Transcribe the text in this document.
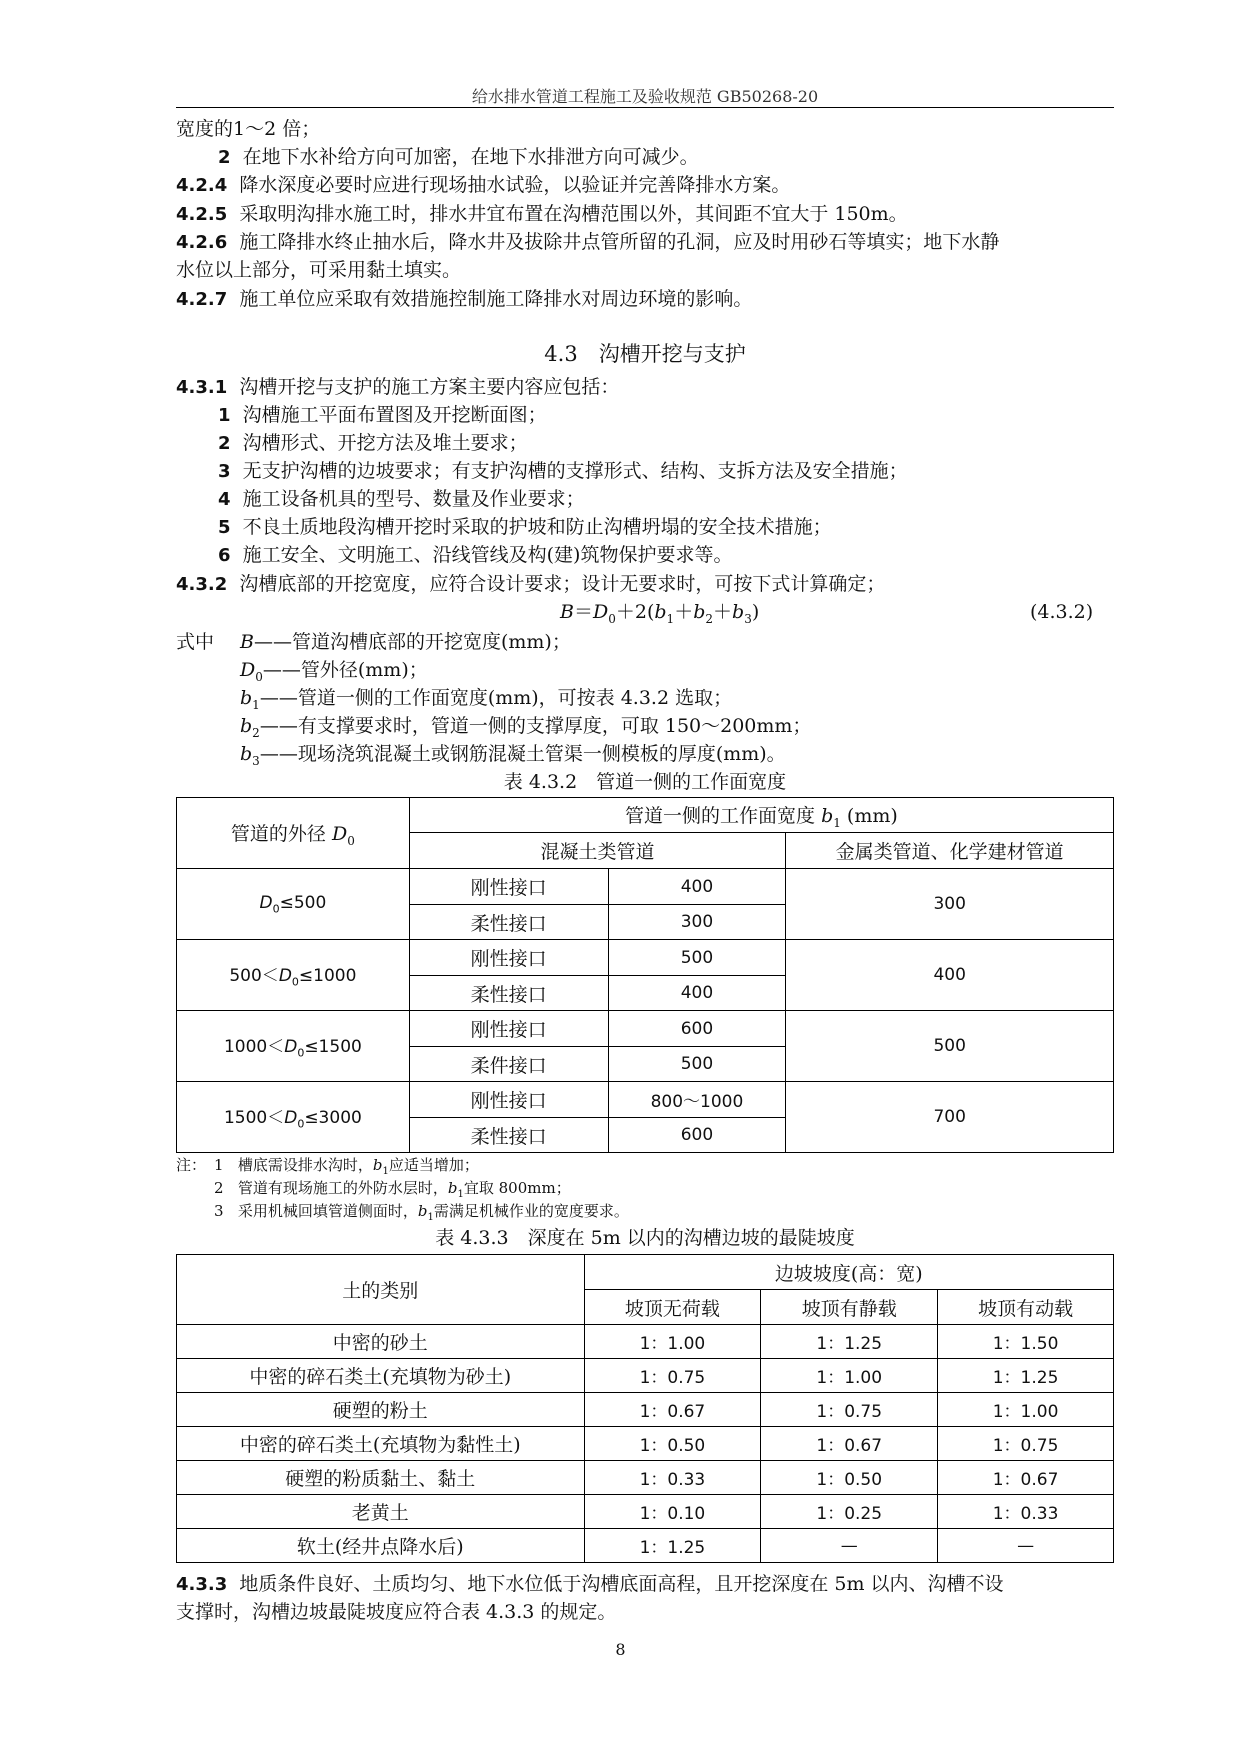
给水排水管道工程施工及验收规范 GB50268-20
宽度的1～2 倍；
2 在地下水补给方向可加密，在地下水排泄方向可减少。
4.2.4 降水深度必要时应进行现场抽水试验，以验证并完善降排水方案。
4.2.5 采取明沟排水施工时，排水井宜布置在沟槽范围以外，其间距不宜大于 150m。
4.2.6 施工降排水终止抽水后，降水井及拔除井点管所留的孔洞，应及时用砂石等填实；地下水静
水位以上部分，可采用黏土填实。
4.2.7 施工单位应采取有效措施控制施工降排水对周边环境的影响。
4.3　沟槽开挖与支护
4.3.1 沟槽开挖与支护的施工方案主要内容应包括：
1 沟槽施工平面布置图及开挖断面图；
2 沟槽形式、开挖方法及堆土要求；
3 无支护沟槽的边坡要求；有支护沟槽的支撑形式、结构、支拆方法及安全措施；
4 施工设备机具的型号、数量及作业要求；
5 不良土质地段沟槽开挖时采取的护坡和防止沟槽坍塌的安全技术措施；
6 施工安全、文明施工、沿线管线及构(建)筑物保护要求等。
4.3.2 沟槽底部的开挖宽度，应符合设计要求；设计无要求时，可按下式计算确定；
$B=D_0+2(b_1+b_2+b_3)$	(4.3.2)
式中 B——管道沟槽底部的开挖宽度(mm)；
$D_0——$管外径(mm)；
$b_1——$管道一侧的工作面宽度(mm)，可按表 4.3.2 选取；
$b_2——$有支撑要求时，管道一侧的支撑厚度，可取 150～200mm；
$b_3——$现场浇筑混凝土或钢筋混凝土管渠一侧模板的厚度(mm)。
表 4.3.2　管道一侧的工作面宽度
管道的外径 $D_0$	管道一侧的工作面宽度 $b_1$ (mm)		
	混凝土类管道		金属类管道、化学建材管道
$D_0\le 500$	刚性接口	400	300
	柔性接口	300	
$500<D_0\le 1000$	刚性接口	500	400
	柔性接口	400	
$1000<D_0\le 1500$	刚性接口	600	500
	柔件接口	500	
$1500<D_0\le 3000$	刚性接口	800～1000	700
	柔性接口	600	
注： 1 槽底需设排水沟时，$b_1$应适当增加；
2 管道有现场施工的外防水层时，$b_1$宜取 800mm；
3 采用机械回填管道侧面时，$b_1$需满足机械作业的宽度要求。
表 4.3.3　深度在 5m 以内的沟槽边坡的最陡坡度
土的类别	边坡坡度(高：宽)		
	坡顶无荷载	坡顶有静载	坡顶有动载
中密的砂土	1：1.00	1：1.25	1：1.50
中密的碎石类土(充填物为砂土)	1：0.75	1：1.00	1：1.25
硬塑的粉土	1：0.67	1：0.75	1：1.00
中密的碎石类土(充填物为黏性土)	1：0.50	1：0.67	1：0.75
硬塑的粉质黏土、黏土	1：0.33	1：0.50	1：0.67
老黄土	1：0.10	1：0.25	1：0.33
软土(经井点降水后)	1：1.25	—	—
4.3.3 地质条件良好、土质均匀、地下水位低于沟槽底面高程，且开挖深度在 5m 以内、沟槽不设
支撑时，沟槽边坡最陡坡度应符合表 4.3.3 的规定。
8
